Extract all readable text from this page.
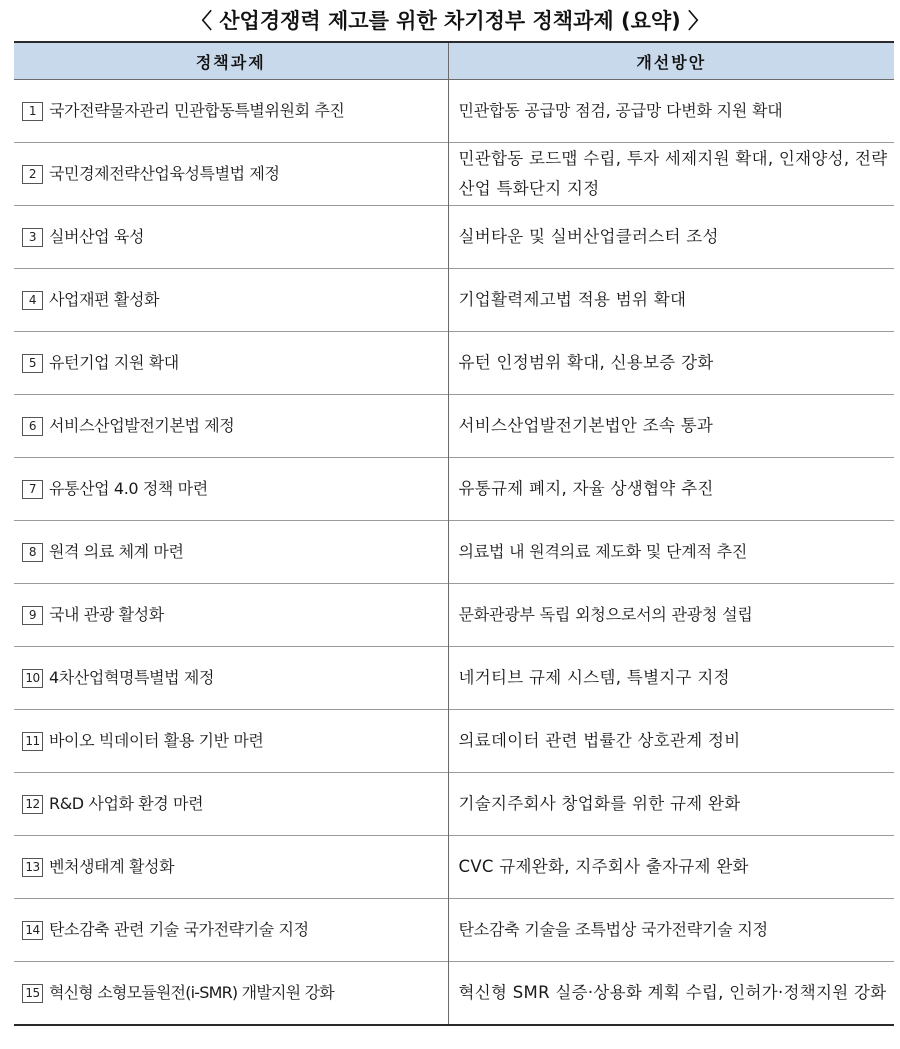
〈 산업경쟁력 제고를 위한 차기정부 정책과제 (요약) 〉
정책과제	개선방안
1 국가전략물자관리 민관합동특별위원회 추진	민관합동 공급망 점검, 공급망 다변화 지원 확대
2 국민경제전략산업육성특별법 제정	민관합동 로드맵 수립, 투자 세제지원 확대, 인재양성, 전략산업 특화단지 지정
3 실버산업 육성	실버타운 및 실버산업클러스터 조성
4 사업재편 활성화	기업활력제고법 적용 범위 확대
5 유턴기업 지원 확대	유턴 인정범위 확대, 신용보증 강화
6 서비스산업발전기본법 제정	서비스산업발전기본법안 조속 통과
7 유통산업 4.0 정책 마련	유통규제 폐지, 자율 상생협약 추진
8 원격 의료 체계 마련	의료법 내 원격의료 제도화 및 단계적 추진
9 국내 관광 활성화	문화관광부 독립 외청으로서의 관광청 설립
10 4차산업혁명특별법 제정	네거티브 규제 시스템, 특별지구 지정
11 바이오 빅데이터 활용 기반 마련	의료데이터 관련 법률간 상호관계 정비
12 R&D 사업화 환경 마련	기술지주회사 창업화를 위한 규제 완화
13 벤처생태계 활성화	CVC 규제완화, 지주회사 출자규제 완화
14 탄소감축 관련 기술 국가전략기술 지정	탄소감축 기술을 조특법상 국가전략기술 지정
15 혁신형 소형모듈원전(i-SMR) 개발지원 강화	혁신형 SMR 실증·상용화 계획 수립, 인허가·정책지원 강화
